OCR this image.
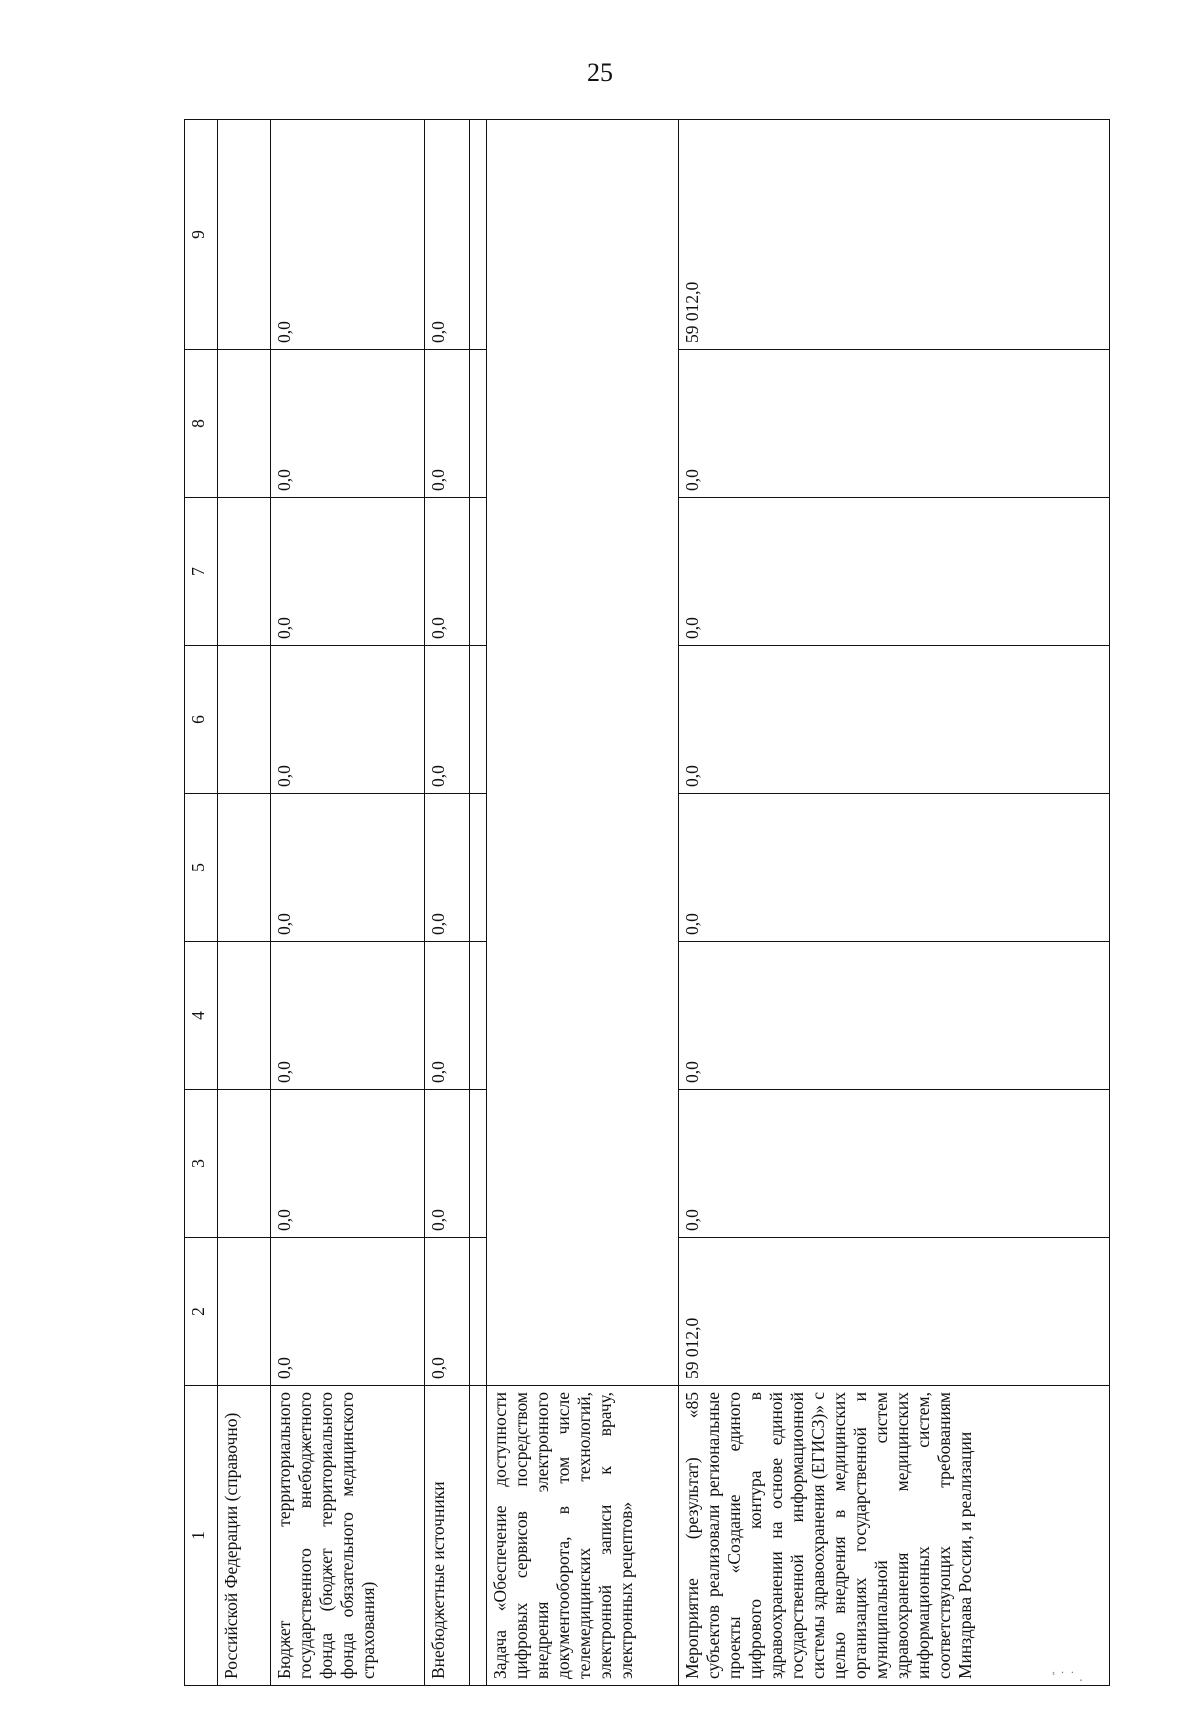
25
1	2	3	4	5	6	7	8	9
Российской Федерации (справочно)								
Бюджет территориального государственного внебюджетного фонда (бюджет территориального фонда обязательного медицинского страхования)	0,0	0,0	0,0	0,0	0,0	0,0	0,0	0,0
Внебюджетные источники	0,0	0,0	0,0	0,0	0,0	0,0	0,0	0,0

Задача «Обеспечение доступности цифровых сервисов посредством внедрения электронного документооборота, в том числе телемедицинских технологий, электронной записи к врачу, электронных рецептов»								
Мероприятие (результат) «85 субъектов реализовали региональные проекты «Создание единого цифрового контура в здравоохранении на основе единой государственной информационной системы здравоохранения (ЕГИСЗ)» с целью внедрения в медицинских организациях государственной и муниципальной систем здравоохранения медицинских информационных систем, соответствующих требованиям Минздрава России, и реализации	59 012,0	0,0	0,0	0,0	0,0	0,0	0,0	59 012,0
ʿ ˙ ˙ .
